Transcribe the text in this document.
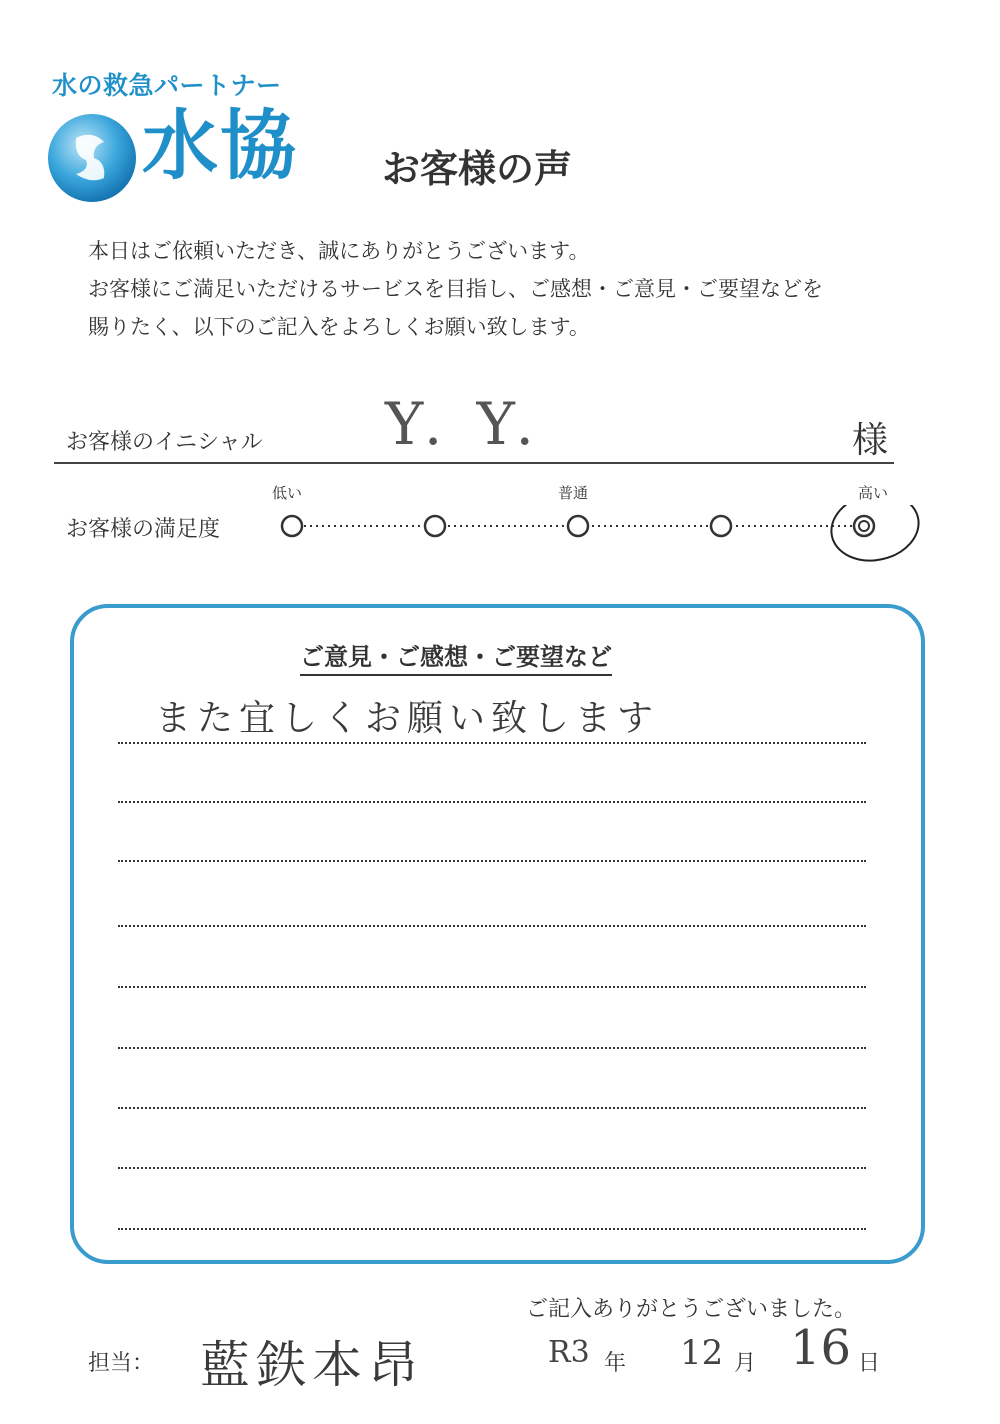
水の救急パートナー
水協 お客様の声
本日はご依頼いただき、誠にありがとうございます。
お客様にご満足いただけるサービスを目指し、ご感想・ご意見・ご要望などを
賜りたく、以下のご記入をよろしくお願い致します。
お客様のイニシャル Y. Y.	様
お客様の満足度
低い	普通	高い
ご意見・ご感想・ご要望など
また宜しくお願い致します
ご記入ありがとうございました。
担当： 藍鉄本昂	R3 年 12 月 16 日
